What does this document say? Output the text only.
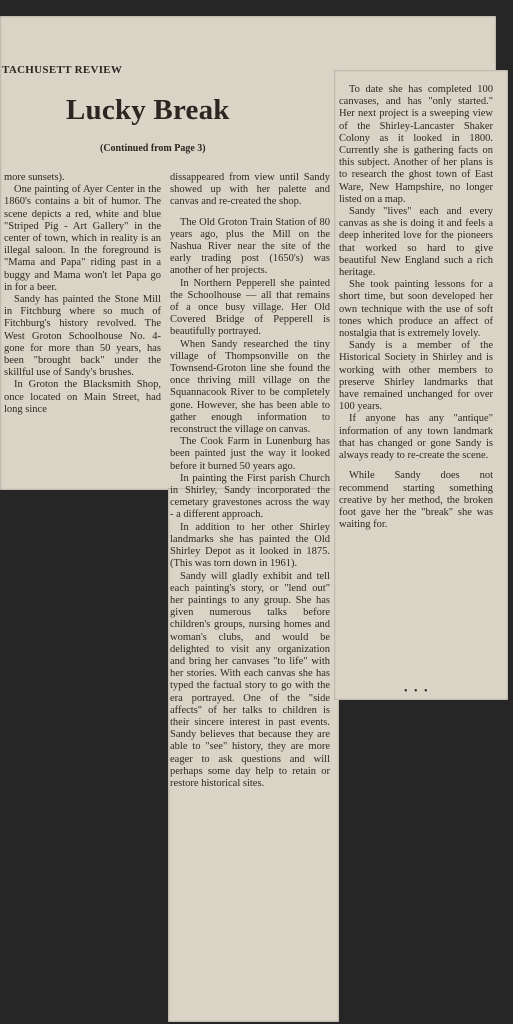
TACHUSETT REVIEW
Lucky Break
(Continued from Page 3)

more sunsets).

One painting of Ayer Center in the 1860's contains a bit of humor. The scene depicts a red, white and blue "Striped Pig - Art Gallery" in the center of town, which in reality is an illegal saloon. In the foreground is "Mama and Papa" riding past in a buggy and Mama won't let Papa go in for a beer.

Sandy has painted the Stone Mill in Fitchburg where so much of Fitchburg's history revolved. The West Groton Schoolhouse No. 4-gone for more than 50 years, has been "brought back" under the skillful use of Sandy's brushes.

In Groton the Blacksmith Shop, once located on Main Street, had long since

dissappeared from view until Sandy showed up with her palette and canvas and re-created the shop.

The Old Groton Train Station of 80 years ago, plus the Mill on the Nashua River near the site of the early trading post (1650's) was another of her projects.

In Northern Pepperell she painted the Schoolhouse — all that remains of a once busy village. Her Old Covered Bridge of Pepperell is beautifully portrayed.

When Sandy researched the tiny village of Thompsonville on the Townsend-Groton line she found the once thriving mill village on the Squannacook River to be completely gone. However, she has been able to gather enough information to reconstruct the village on canvas.

The Cook Farm in Lunenburg has been painted just the way it looked before it burned 50 years ago.

In painting the First parish Church in Shirley, Sandy incorporated the cemetary gravestones across the way - a different approach.

In addition to her other Shirley landmarks she has painted the Old Shirley Depot as it looked in 1875. (This was torn down in 1961).

Sandy will gladly exhibit and tell each painting's story, or "lend out" her paintings to any group. She has given numerous talks before children's groups, nursing homes and woman's clubs, and would be delighted to visit any organization and bring her canvases "to life" with her stories. With each canvas she has typed the factual story to go with the era portrayed. One of the "side affects" of her talks to children is their sincere interest in past events. Sandy believes that because they are able to "see" history, they are more eager to ask questions and will perhaps some day help to retain or restore historical sites.

To date she has completed 100 canvases, and has "only started." Her next project is a sweeping view of the Shirley-Lancaster Shaker Colony as it looked in 1800. Currently she is gathering facts on this subject. Another of her plans is to research the ghost town of East Ware, New Hampshire, no longer listed on a map.

Sandy "lives" each and every canvas as she is doing it and feels a deep inherited love for the pioneers that worked so hard to give beautiful New England such a rich heritage.

She took painting lessons for a short time, but soon developed her own technique with the use of soft tones which produce an affect of nostalgia that is extremely lovely.

Sandy is a member of the Historical Society in Shirley and is working with other members to preserve Shirley landmarks that have remained unchanged for over 100 years.

If anyone has any "antique" information of any town landmark that has changed or gone Sandy is always ready to re-create the scene.

While Sandy does not recommend starting something creative by her method, the broken foot gave her the "break" she was waiting for.

• • •
